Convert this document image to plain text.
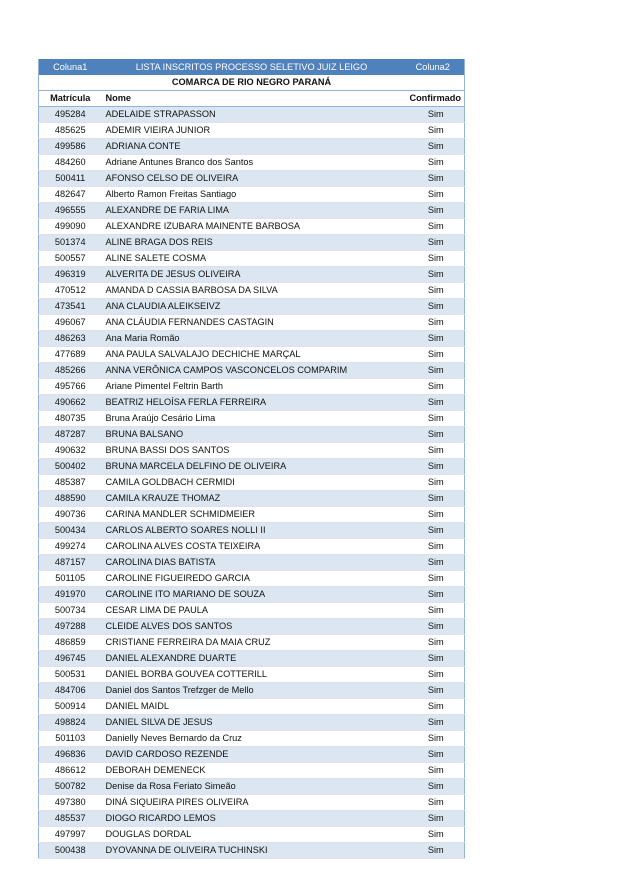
Coluna1	LISTA INSCRITOS PROCESSO SELETIVO JUIZ LEIGO	Coluna2
COMARCA DE RIO NEGRO PARANÁ		
Matrícula	Nome	Confirmado
495284	ADELAIDE STRAPASSON	Sim
485625	ADEMIR VIEIRA JUNIOR	Sim
499586	ADRIANA CONTE	Sim
484260	Adriane Antunes Branco dos Santos	Sim
500411	AFONSO CELSO DE OLIVEIRA	Sim
482647	Alberto Ramon Freitas Santiago	Sim
496555	ALEXANDRE DE FARIA LIMA	Sim
499090	ALEXANDRE IZUBARA MAINENTE BARBOSA	Sim
501374	ALINE BRAGA DOS REIS	Sim
500557	ALINE SALETE COSMA	Sim
496319	ALVERITA DE JESUS OLIVEIRA	Sim
470512	AMANDA D CASSIA BARBOSA DA SILVA	Sim
473541	ANA CLAUDIA ALEIKSEIVZ	Sim
496067	ANA CLÁUDIA FERNANDES CASTAGIN	Sim
486263	Ana Maria Romão	Sim
477689	ANA PAULA SALVALAJO DECHICHE MARÇAL	Sim
485266	ANNA VERÔNICA CAMPOS VASCONCELOS COMPARIM	Sim
495766	Ariane Pimentel Feltrin Barth	Sim
490662	BEATRIZ HELOÍSA FERLA FERREIRA	Sim
480735	Bruna Araújo Cesário Lima	Sim
487287	BRUNA BALSANO	Sim
490632	BRUNA BASSI DOS SANTOS	Sim
500402	BRUNA MARCELA DELFINO DE OLIVEIRA	Sim
485387	CAMILA GOLDBACH CERMIDI	Sim
488590	CAMILA KRAUZE THOMAZ	Sim
490736	CARINA MANDLER SCHMIDMEIER	Sim
500434	CARLOS ALBERTO SOARES NOLLI II	Sim
499274	CAROLINA ALVES COSTA TEIXEIRA	Sim
487157	CAROLINA DIAS BATISTA	Sim
501105	CAROLINE FIGUEIREDO GARCIA	Sim
491970	CAROLINE ITO MARIANO DE SOUZA	Sim
500734	CESAR LIMA DE PAULA	Sim
497288	CLEIDE ALVES DOS SANTOS	Sim
486859	CRISTIANE FERREIRA DA MAIA CRUZ	Sim
496745	DANIEL ALEXANDRE DUARTE	Sim
500531	DANIEL BORBA GOUVEA COTTERILL	Sim
484706	Daniel dos Santos Trefzger de Mello	Sim
500914	DANIEL MAIDL	Sim
498824	DANIEL SILVA DE JESUS	Sim
501103	Danielly Neves Bernardo da Cruz	Sim
496836	DAVID CARDOSO REZENDE	Sim
486612	DEBORAH DEMENECK	Sim
500782	Denise da Rosa Feriato Simeão	Sim
497380	DINÁ SIQUEIRA PIRES OLIVEIRA	Sim
485537	DIOGO RICARDO LEMOS	Sim
497997	DOUGLAS DORDAL	Sim
500438	DYOVANNA DE OLIVEIRA TUCHINSKI	Sim
